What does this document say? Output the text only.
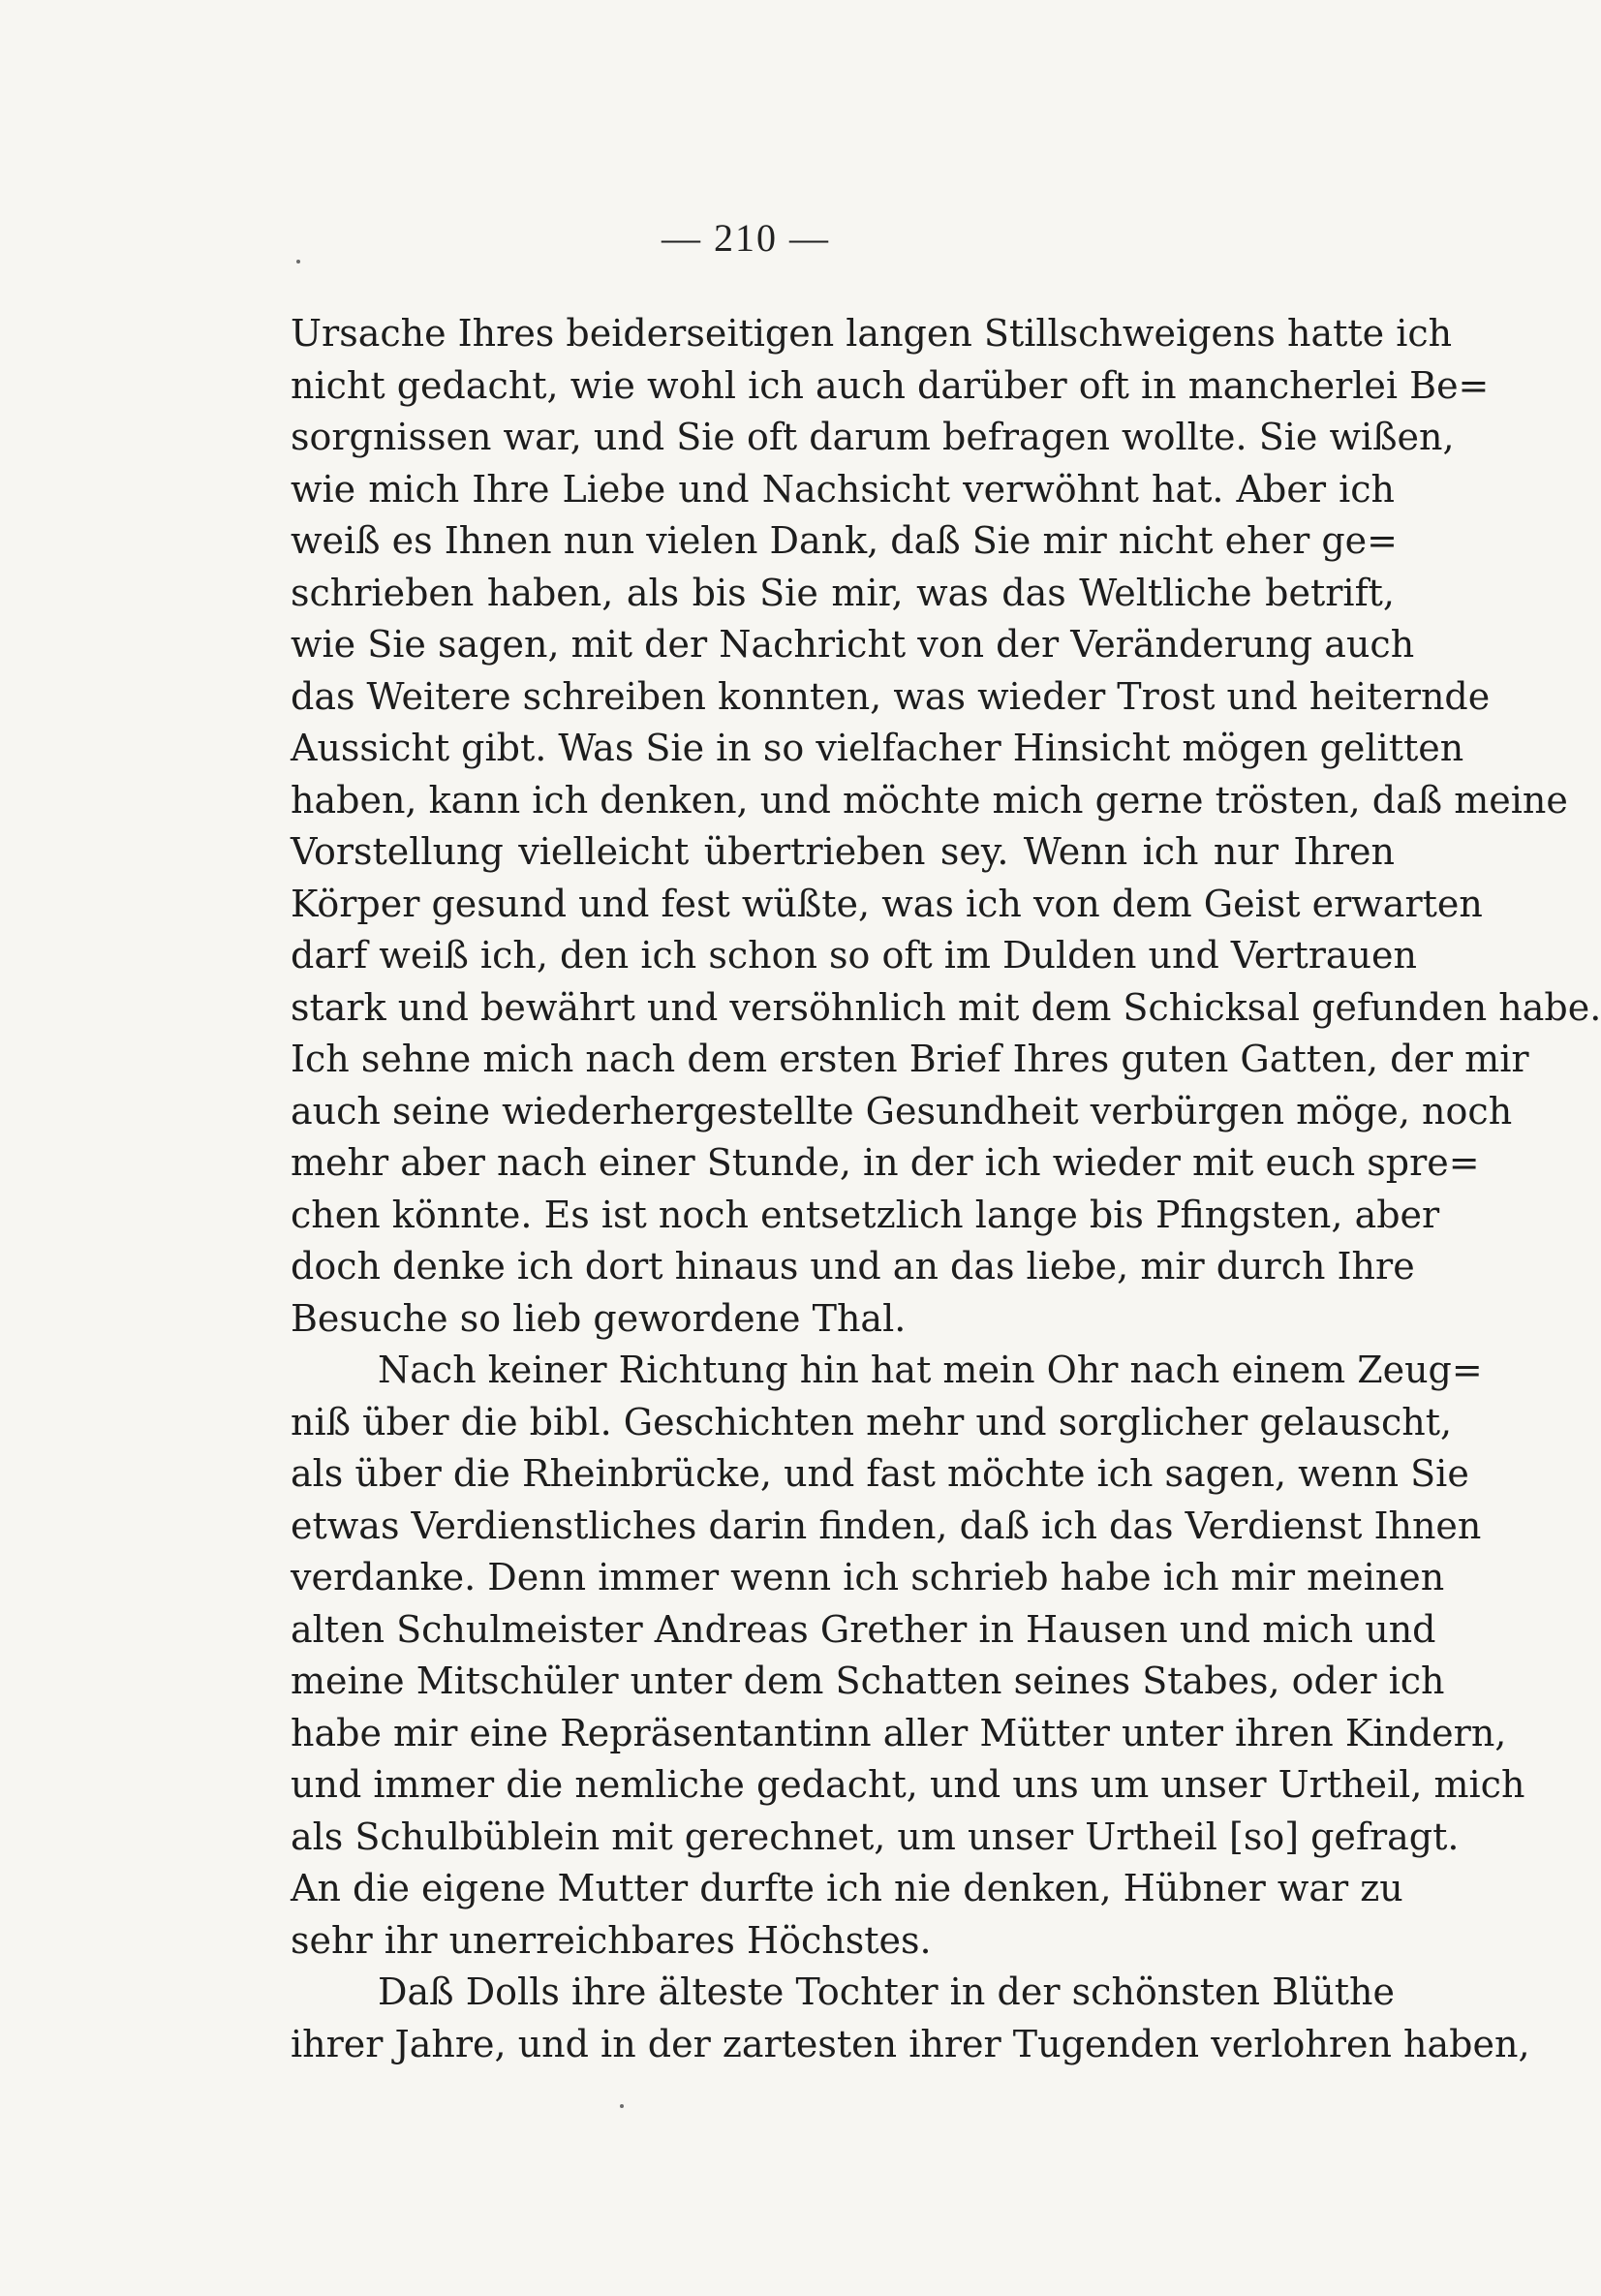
— 210 —
Ursache Ihres beiderseitigen langen Stillschweigens hatte ich
nicht gedacht, wie wohl ich auch darüber oft in mancherlei Be=
sorgnissen war, und Sie oft darum befragen wollte. Sie wißen,
wie mich Ihre Liebe und Nachsicht verwöhnt hat. Aber ich
weiß es Ihnen nun vielen Dank, daß Sie mir nicht eher ge=
schrieben haben, als bis Sie mir, was das Weltliche betrift,
wie Sie sagen, mit der Nachricht von der Veränderung auch
das Weitere schreiben konnten, was wieder Trost und heiternde
Aussicht gibt. Was Sie in so vielfacher Hinsicht mögen gelitten
haben, kann ich denken, und möchte mich gerne trösten, daß meine
Vorstellung vielleicht übertrieben sey. Wenn ich nur Ihren
Körper gesund und fest wüßte, was ich von dem Geist erwarten
darf weiß ich, den ich schon so oft im Dulden und Vertrauen
stark und bewährt und versöhnlich mit dem Schicksal gefunden habe.
Ich sehne mich nach dem ersten Brief Ihres guten Gatten, der mir
auch seine wiederhergestellte Gesundheit verbürgen möge, noch
mehr aber nach einer Stunde, in der ich wieder mit euch spre=
chen könnte. Es ist noch entsetzlich lange bis Pfingsten, aber
doch denke ich dort hinaus und an das liebe, mir durch Ihre
Besuche so lieb gewordene Thal.
Nach keiner Richtung hin hat mein Ohr nach einem Zeug=
niß über die bibl. Geschichten mehr und sorglicher gelauscht,
als über die Rheinbrücke, und fast möchte ich sagen, wenn Sie
etwas Verdienstliches darin finden, daß ich das Verdienst Ihnen
verdanke. Denn immer wenn ich schrieb habe ich mir meinen
alten Schulmeister Andreas Grether in Hausen und mich und
meine Mitschüler unter dem Schatten seines Stabes, oder ich
habe mir eine Repräsentantinn aller Mütter unter ihren Kindern,
und immer die nemliche gedacht, und uns um unser Urtheil, mich
als Schulbüblein mit gerechnet, um unser Urtheil [so] gefragt.
An die eigene Mutter durfte ich nie denken, Hübner war zu
sehr ihr unerreichbares Höchstes.
Daß Dolls ihre älteste Tochter in der schönsten Blüthe
ihrer Jahre, und in der zartesten ihrer Tugenden verlohren haben,
